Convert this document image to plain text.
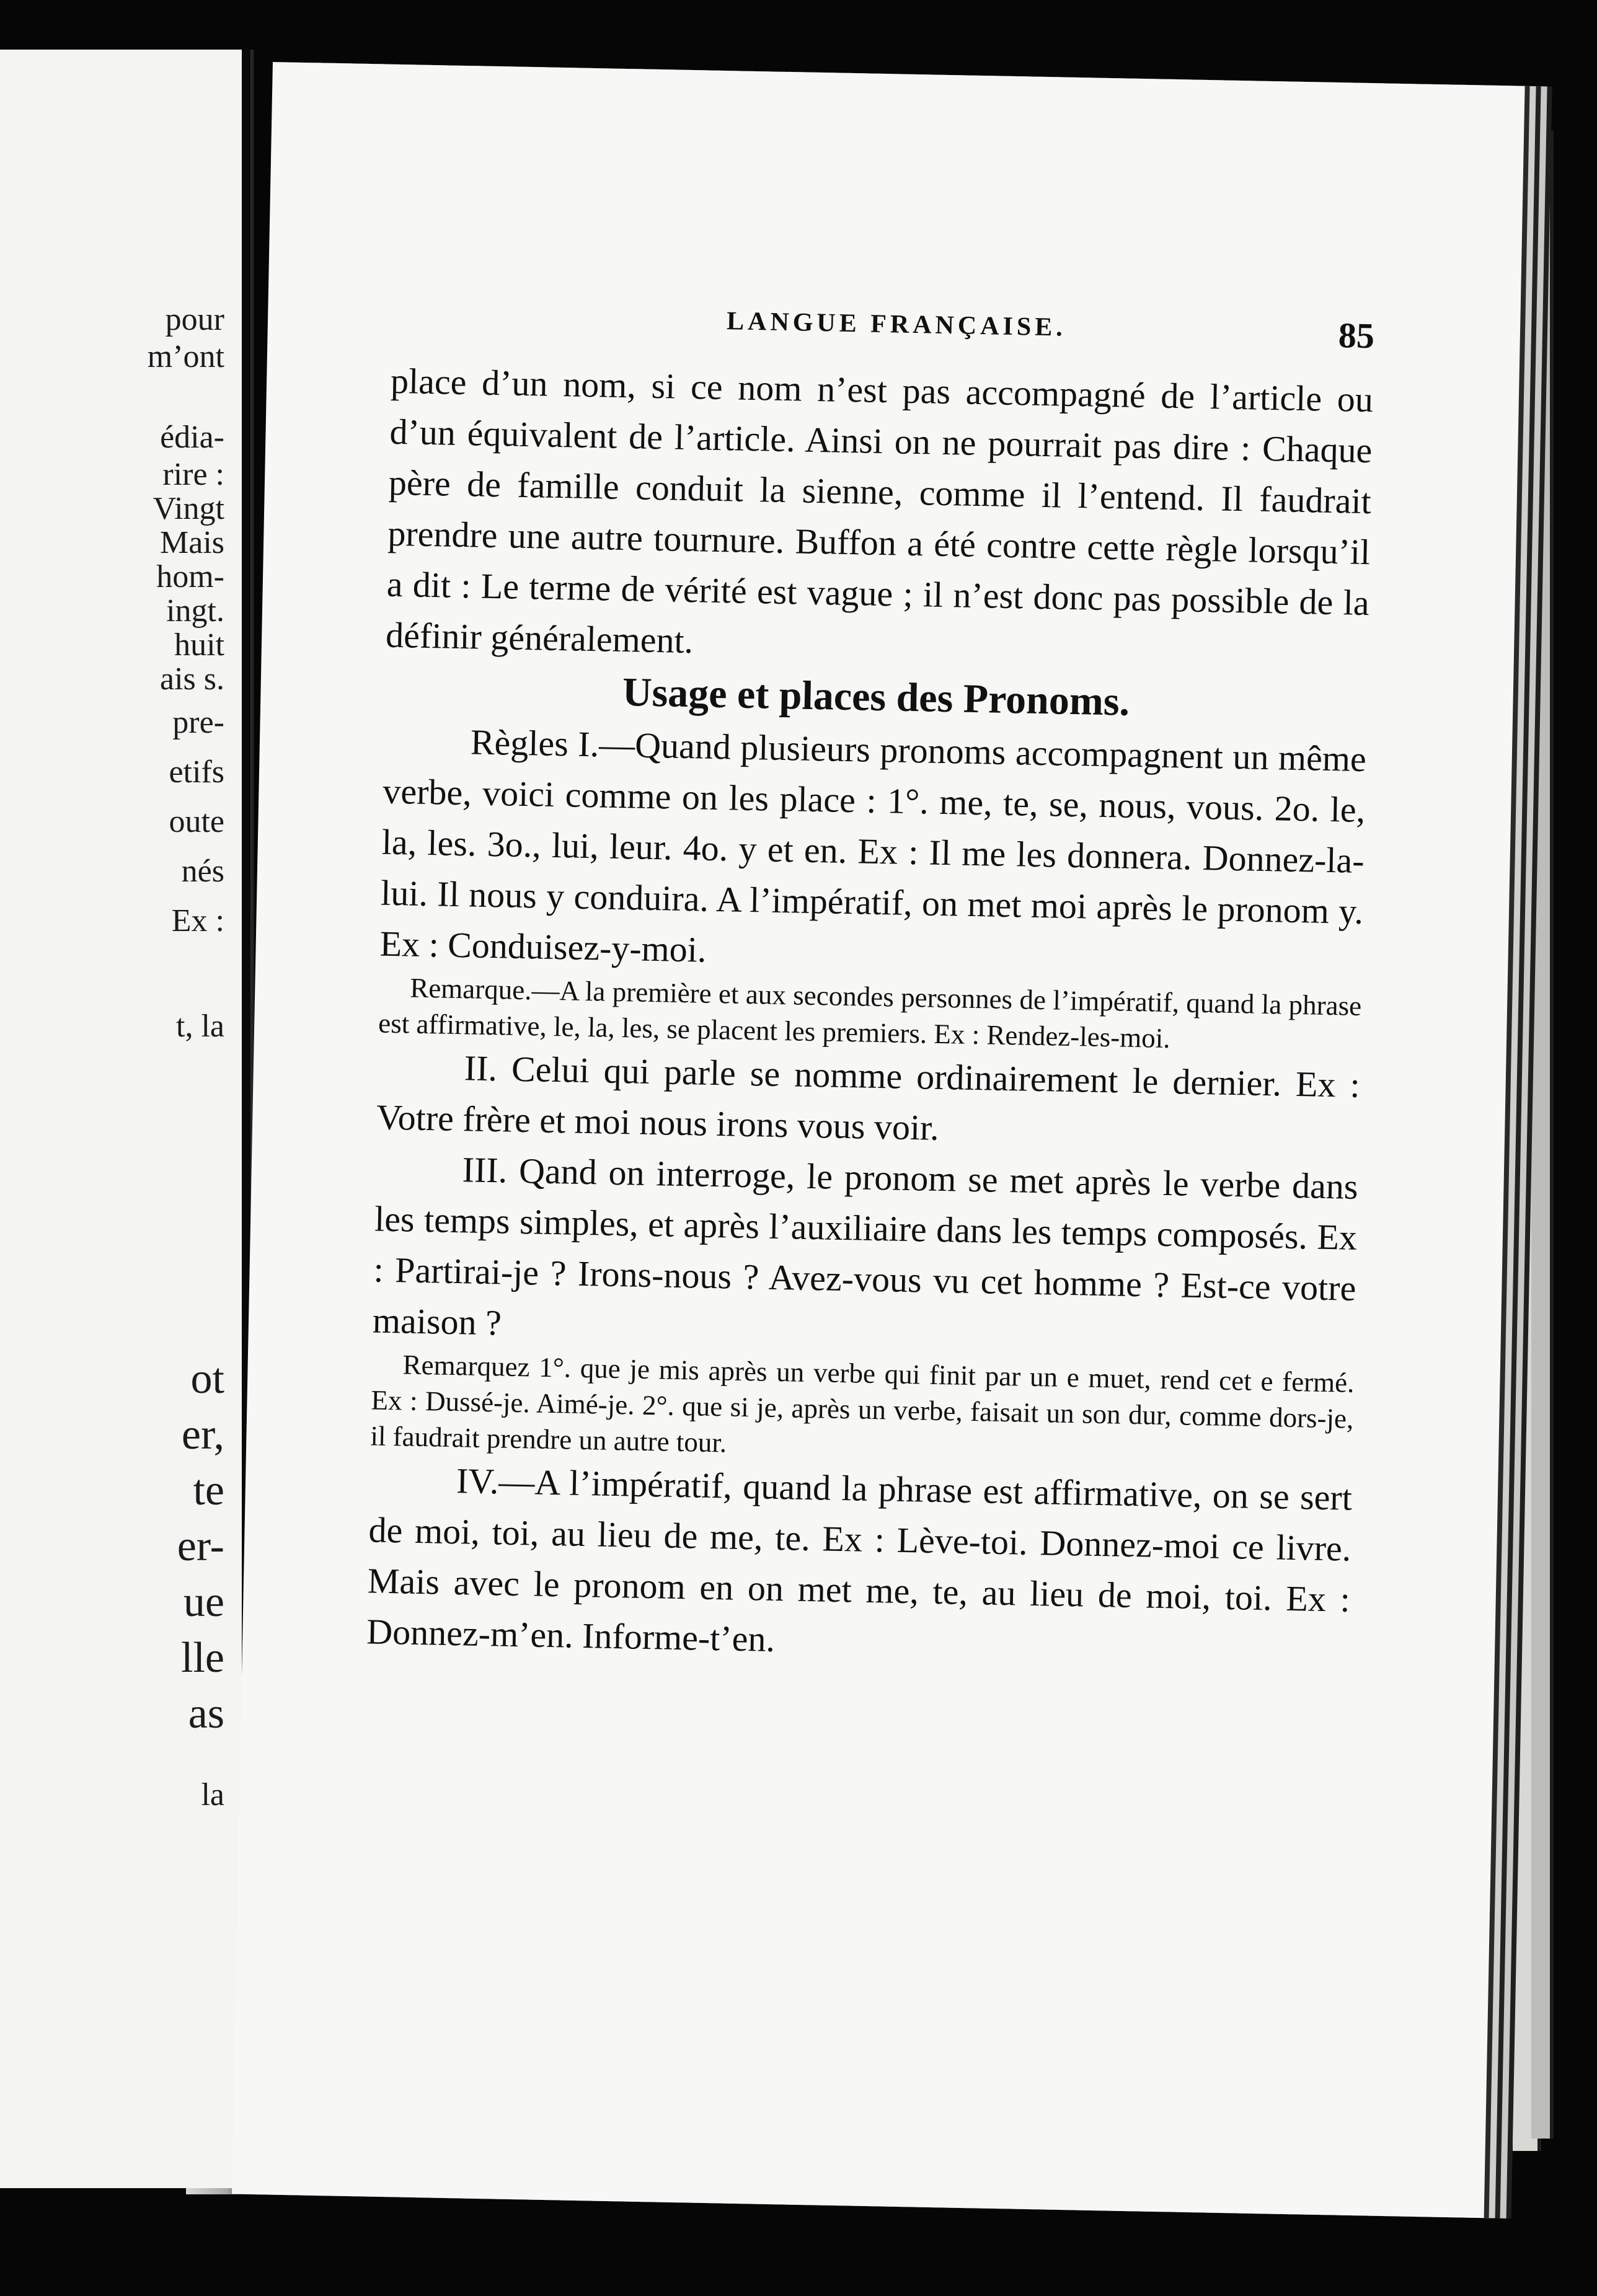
pour
m’ont
édia-
rire :
Vingt
Mais
hom-
ingt.
huit
ais s.
pre-
etifs
oute
nés
Ex :
t, la
ot
er,
te
er-
ue
lle
as
la
LANGUE FRANÇAISE.	85

place d’un nom, si ce nom n’est pas accompagné de l’article ou d’un équivalent de l’article. Ainsi on ne pourrait pas dire : Chaque père de famille conduit la sienne, comme il l’entend. Il faudrait prendre une autre tournure. Buffon a été contre cette règle lorsqu’il a dit : Le terme de vérité est vague ; il n’est donc pas possible de la définir généralement.

Usage et places des Pronoms.

Règles I.—Quand plusieurs pronoms accompagnent un même verbe, voici comme on les place : 1°. me, te, se, nous, vous. 2o. le, la, les. 3o., lui, leur. 4o. y et en. Ex : Il me les donnera. Donnez-la-lui. Il nous y conduira. A l’impératif, on met moi après le pronom y. Ex : Conduisez-y-moi.

Remarque.—A la première et aux secondes personnes de l’impératif, quand la phrase est affirmative, le, la, les, se placent les premiers. Ex : Rendez-les-moi.

II. Celui qui parle se nomme ordinairement le dernier. Ex : Votre frère et moi nous irons vous voir.

III. Qand on interroge, le pronom se met après le verbe dans les temps simples, et après l’auxiliaire dans les temps composés. Ex : Partirai-je ? Irons-nous ? Avez-vous vu cet homme ? Est-ce votre maison ?

Remarquez 1°. que je mis après un verbe qui finit par un e muet, rend cet e fermé. Ex : Dussé-je. Aimé-je. 2°. que si je, après un verbe, faisait un son dur, comme dors-je, il faudrait prendre un autre tour.

IV.—A l’impératif, quand la phrase est affirmative, on se sert de moi, toi, au lieu de me, te. Ex : Lève-toi. Donnez-moi ce livre. Mais avec le pronom en on met me, te, au lieu de moi, toi. Ex : Donnez-m’en. Informe-t’en.
